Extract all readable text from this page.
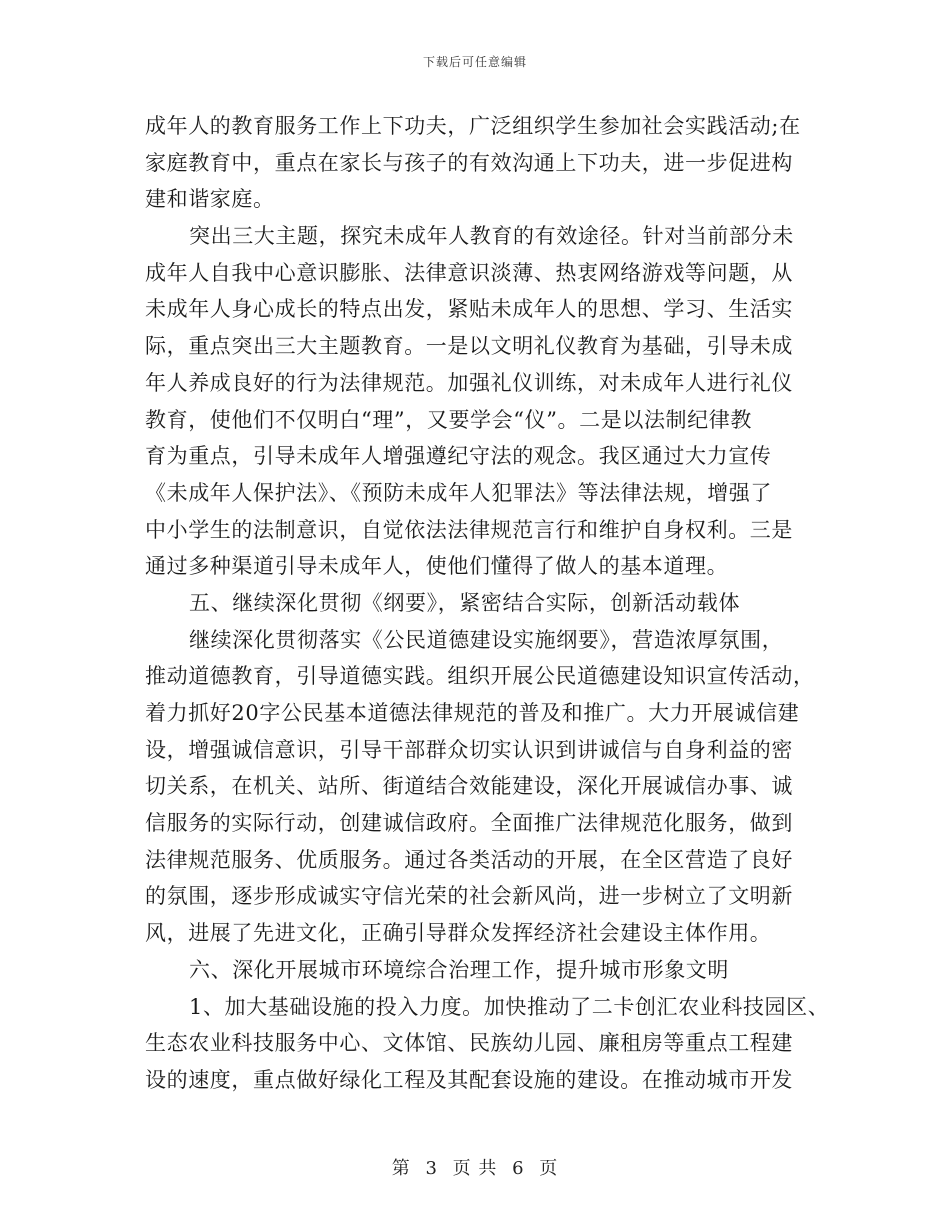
下载后可任意编辑
成年人的教育服务工作上下功夫，广泛组织学生参加社会实践活动;在
家庭教育中，重点在家长与孩子的有效沟通上下功夫，进一步促进构
建和谐家庭。
突出三大主题，探究未成年人教育的有效途径。针对当前部分未
成年人自我中心意识膨胀、法律意识淡薄、热衷网络游戏等问题，从
未成年人身心成长的特点出发，紧贴未成年人的思想、学习、生活实
际，重点突出三大主题教育。一是以文明礼仪教育为基础，引导未成
年人养成良好的行为法律规范。加强礼仪训练，对未成年人进行礼仪
教育，使他们不仅明白“理”，又要学会“仪”。二是以法制纪律教
育为重点，引导未成年人增强遵纪守法的观念。我区通过大力宣传
《未成年人保护法》、《预防未成年人犯罪法》等法律法规，增强了
中小学生的法制意识，自觉依法法律规范言行和维护自身权利。三是
通过多种渠道引导未成年人，使他们懂得了做人的基本道理。
五、继续深化贯彻《纲要》，紧密结合实际，创新活动载体
继续深化贯彻落实《公民道德建设实施纲要》，营造浓厚氛围，
推动道德教育，引导道德实践。组织开展公民道德建设知识宣传活动，
着力抓好20字公民基本道德法律规范的普及和推广。大力开展诚信建
设，增强诚信意识，引导干部群众切实认识到讲诚信与自身利益的密
切关系，在机关、站所、街道结合效能建设，深化开展诚信办事、诚
信服务的实际行动，创建诚信政府。全面推广法律规范化服务，做到
法律规范服务、优质服务。通过各类活动的开展，在全区营造了良好
的氛围，逐步形成诚实守信光荣的社会新风尚，进一步树立了文明新
风，进展了先进文化，正确引导群众发挥经济社会建设主体作用。
六、深化开展城市环境综合治理工作，提升城市形象文明
1、加大基础设施的投入力度。加快推动了二卡创汇农业科技园区、
生态农业科技服务中心、文体馆、民族幼儿园、廉租房等重点工程建
设的速度，重点做好绿化工程及其配套设施的建设。在推动城市开发
第 3 页 共 6 页
